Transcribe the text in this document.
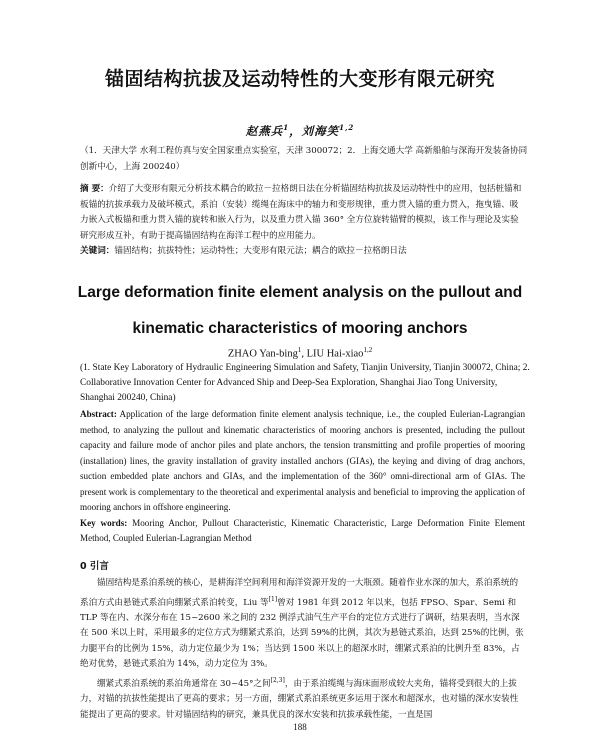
锚固结构抗拔及运动特性的大变形有限元研究
赵燕兵$^1$，刘海笑$^{1,2}$
（1．天津大学 水利工程仿真与安全国家重点实验室，天津 300072；2．上海交通大学 高新船舶与深海开发装备协同创新中心，上海 200240）
摘 要：介绍了大变形有限元分析技术耦合的欧拉－拉格朗日法在分析锚固结构抗拔及运动特性中的应用，包括桩锚和板锚的抗拔承载力及破坏模式，系泊（安装）缆绳在海床中的轴力和变形规律，重力贯入锚的重力贯入，拖曳锚、吸力嵌入式板锚和重力贯入锚的旋转和嵌入行为，以及重力贯入锚 360° 全方位旋转锚臂的模拟，该工作与理论及实验研究形成互补，有助于提高锚固结构在海洋工程中的应用能力。
关键词：锚固结构；抗拔特性；运动特性；大变形有限元法；耦合的欧拉－拉格朗日法
Large deformation finite element analysis on the pullout and
kinematic characteristics of mooring anchors
ZHAO Yan-bing$^1$, LIU Hai-xiao$^{1,2}$
(1. State Key Laboratory of Hydraulic Engineering Simulation and Safety, Tianjin University, Tianjin 300072, China; 2. Collaborative Innovation Center for Advanced Ship and Deep-Sea Exploration, Shanghai Jiao Tong University, Shanghai 200240, China)
Abstract: Application of the large deformation finite element analysis technique, i.e., the coupled Eulerian-Lagrangian method, to analyzing the pullout and kinematic characteristics of mooring anchors is presented, including the pullout capacity and failure mode of anchor piles and plate anchors, the tension transmitting and profile properties of mooring (installation) lines, the gravity installation of gravity installed anchors (GIAs), the keying and diving of drag anchors, suction embedded plate anchors and GIAs, and the implementation of the 360° omni-directional arm of GIAs. The present work is complementary to the theoretical and experimental analysis and beneficial to improving the application of mooring anchors in offshore engineering.
Key words: Mooring Anchor, Pullout Characteristic, Kinematic Characteristic, Large Deformation Finite Element Method, Coupled Eulerian-Lagrangian Method
0 引言

锚固结构是系泊系统的核心，是耕海洋空间利用和海洋资源开发的一大瓶颈。随着作业水深的加大，系泊系统的系泊方式由悬链式系泊向绷紧式系泊转变，Liu 等[1]曾对 1981 年到 2012 年以来，包括 FPSO、Spar、Semi 和 TLP 等在内、水深分布在 15~2600 米之间的 232 例浮式油气生产平台的定位方式进行了调研，结果表明，当水深在 500 米以上时，采用最多的定位方式为绷紧式系泊，达到 59%的比例，其次为悬链式系泊，达到 25%的比例，张力腿平台的比例为 15%，动力定位最少为 1%；当达到 1500 米以上的超深水时，绷紧式系泊的比例升至 83%，占绝对优势，悬链式系泊为 14%，动力定位为 3%。

绷紧式系泊系统的系泊角通常在 30~45°之间[2,3]，由于系泊缆绳与海床面形成较大夹角，锚将受到很大的上拔力，对锚的抗拔性能提出了更高的要求；另一方面，绷紧式系泊系统更多运用于深水和超深水，也对锚的深水安装性能提出了更高的要求。针对锚固结构的研究，兼具优良的深水安装和抗拔承载性能，一直是国

188
